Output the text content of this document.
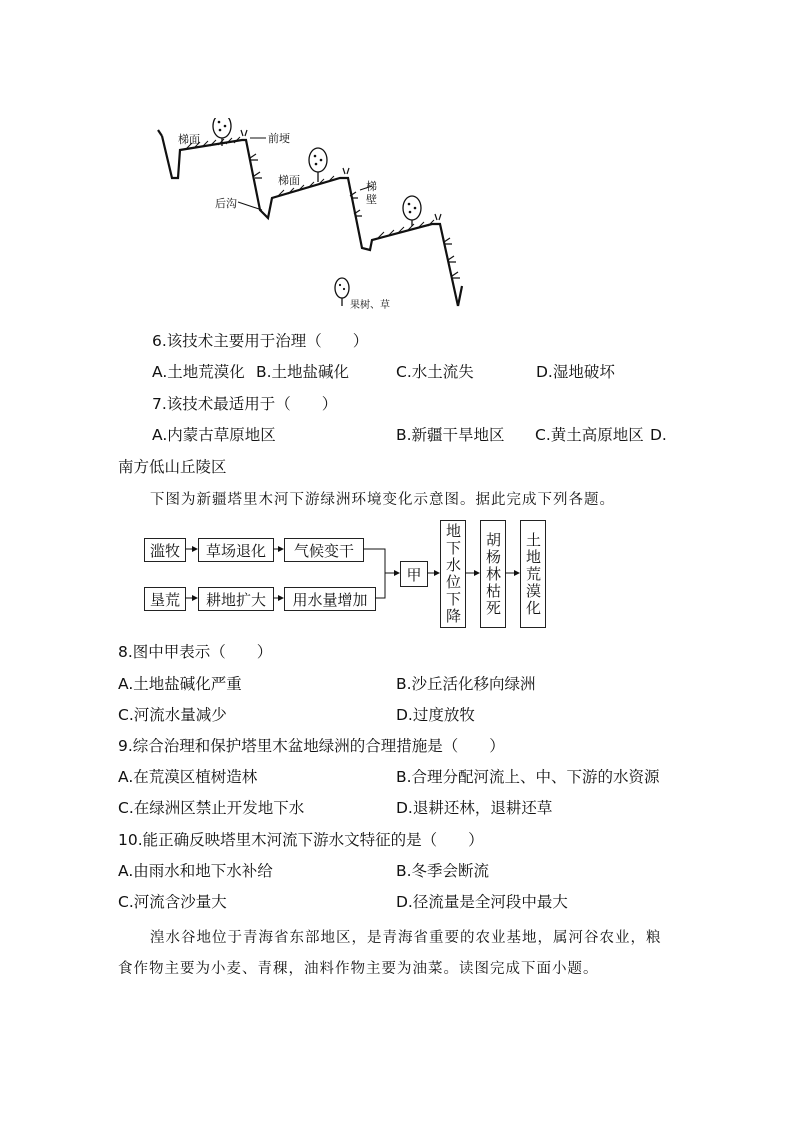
梯面	前埂
梯面	梯
壁
后沟
果树、草
6.该技术主要用于治理（　　）
A.土地荒漠化 B.土地盐碱化	C.水土流失	D.湿地破坏
7.该技术最适用于（　　）
A.内蒙古草原地区	B.新疆干旱地区 C.黄土高原地区 D.
南方低山丘陵区
下图为新疆塔里木河下游绿洲环境变化示意图。据此完成下列各题。
滥牧	草场退化	气候变干
垦荒	耕地扩大	用水量增加
甲	地下水位下降 胡杨林枯死 土地荒漠化
8.图中甲表示（　　）
A.土地盐碱化严重	B.沙丘活化移向绿洲
C.河流水量减少	D.过度放牧
9.综合治理和保护塔里木盆地绿洲的合理措施是（　　）
A.在荒漠区植树造林	B.合理分配河流上、中、下游的水资源
C.在绿洲区禁止开发地下水	D.退耕还林，退耕还草
10.能正确反映塔里木河流下游水文特征的是（　　）
A.由雨水和地下水补给	B.冬季会断流
C.河流含沙量大	D.径流量是全河段中最大
湟水谷地位于青海省东部地区，是青海省重要的农业基地，属河谷农业，粮
食作物主要为小麦、青稞，油料作物主要为油菜。读图完成下面小题。
